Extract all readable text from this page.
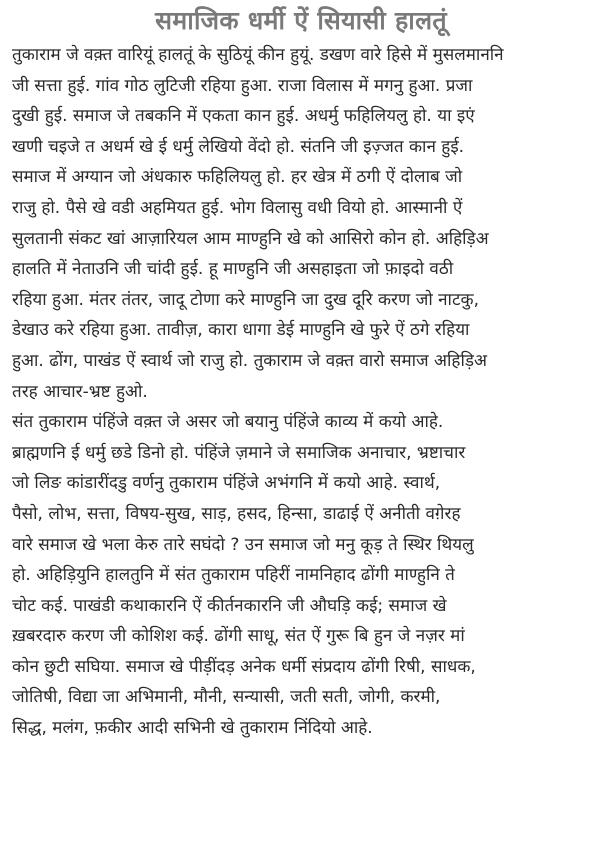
समाजिक धर्मी ऐं सियासी हालतूं
तुकाराम जे वक़्त वारियूं हालतूं के सुठियूं कीन हुयूं. डखण वारे हिसे में मुसलमाननि
जी सत्ता हुई. गांव गोठ लुटिजी रहिया हुआ. राजा विलास में मगनु हुआ. प्रजा
दुखी हुई. समाज जे तबकनि में एकता कान हुई. अधर्मु फहिलियलु हो. या इएं
खणी चइजे त अधर्म खे ई धर्मु लेखियो वेंदो हो. संतनि जी इज़्जत कान हुई.
समाज में अग्यान जो अंधकारु फहिलियलु हो. हर खेत्र में ठगी ऐं दोलाब जो
राजु हो. पैसे खे वडी अहमियत हुई. भोग विलासु वधी वियो हो. आस्मानी ऐं
सुलतानी संकट खां आज़ारियल आम माण्हुनि खे को आसिरो कोन हो. अहिड़िअ
हालति में नेताउनि जी चांदी हुई. हू माण्हुनि जी असहाइता जो फ़ाइदो वठी
रहिया हुआ. मंतर तंतर, जादू टोणा करे माण्हुनि जा दुख दूरि करण जो नाटकु,
डेखाउ करे रहिया हुआ. तावीज़, कारा धागा डेई माण्हुनि खे फुरे ऐं ठगे रहिया
हुआ. ढोंग, पाखंड ऐं स्वार्थ जो राजु हो. तुकाराम जे वक़्त वारो समाज अहिड़िअ
तरह आचार-भ्रष्ट हुओ.
संत तुकाराम पंहिंजे वक़्त जे असर जो बयानु पंहिंजे काव्य में कयो आहे.
ब्राह्मणनि ई धर्मु छडे डिनो हो. पंहिंजे ज़माने जे समाजिक अनाचार, भ्रष्टाचार
जो लिङ कांडारींदडु वर्णनु तुकाराम पंहिंजे अभंगनि में कयो आहे. स्वार्थ,
पैसो, लोभ, सत्ता, विषय-सुख, साड़, हसद, हिन्सा, डाढाई ऐं अनीती वग़ेरह
वारे समाज खे भला केरु तारे सघंदो ? उन समाज जो मनु कूड़ ते स्थिर थियलु
हो. अहिड़ियुनि हालतुनि में संत तुकाराम पहिरीं नामनिहाद ढोंगी माण्हुनि ते
चोट कई. पाखंडी कथाकारनि ऐं कीर्तनकारनि जी औघड़ि कई; समाज खे
ख़बरदारु करण जी कोशिश कई. ढोंगी साधू, संत ऐं गुरू बि हुन जे नज़र मां
कोन छुटी सघिया. समाज खे पीड़ींदड़ अनेक धर्मी संप्रदाय ढोंगी रिषी, साधक,
जोतिषी, विद्या जा अभिमानी, मौनी, सन्यासी, जती सती, जोगी, करमी,
सिद्ध, मलंग, फ़कीर आदी सभिनी खे तुकाराम निंदियो आहे.
